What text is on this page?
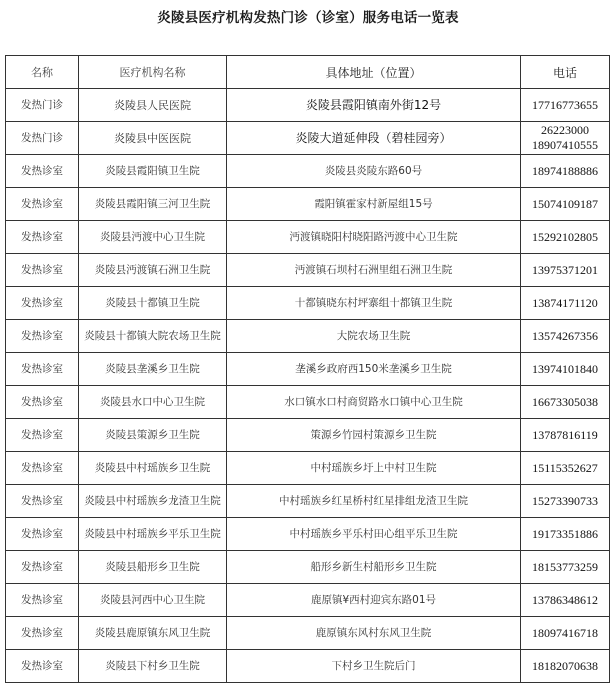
炎陵县医疗机构发热门诊（诊室）服务电话一览表
名称	医疗机构名称	具体地址（位置）	电话
发热门诊	炎陵县人民医院	炎陵县霞阳镇南外街12号	17716773655

发热门诊	炎陵县中医医院	炎陵大道延伸段（碧桂园旁）	26223000
18907410555

发热诊室	炎陵县霞阳镇卫生院	炎陵县炎陵东路60号	18974188886

发热诊室	炎陵县霞阳镇三河卫生院	霞阳镇霍家村新屋组15号	15074109187

发热诊室	炎陵县沔渡中心卫生院	沔渡镇晓阳村晓阳路沔渡中心卫生院	15292102805

发热诊室	炎陵县沔渡镇石洲卫生院	沔渡镇石坝村石洲里组石洲卫生院	13975371201

发热诊室	炎陵县十都镇卫生院	十都镇晓东村坪寨组十都镇卫生院	13874171120

发热诊室	炎陵县十都镇大院农场卫生院	大院农场卫生院	13574267356

发热诊室	炎陵县垄溪乡卫生院	垄溪乡政府西150米垄溪乡卫生院	13974101840

发热诊室	炎陵县水口中心卫生院	水口镇水口村商贸路水口镇中心卫生院	16673305038

发热诊室	炎陵县策源乡卫生院	策源乡竹园村策源乡卫生院	13787816119

发热诊室	炎陵县中村瑶族乡卫生院	中村瑶族乡圩上中村卫生院	15115352627

发热诊室	炎陵县中村瑶族乡龙渣卫生院	中村瑶族乡红星桥村红星排组龙渣卫生院	15273390733

发热诊室	炎陵县中村瑶族乡平乐卫生院	中村瑶族乡平乐村田心组平乐卫生院	19173351886

发热诊室	炎陵县船形乡卫生院	船形乡新生村船形乡卫生院	18153773259

发热诊室	炎陵县河西中心卫生院	鹿原镇¥西村迎宾东路01号	13786348612

发热诊室	炎陵县鹿原镇东风卫生院	鹿原镇东风村东风卫生院	18097416718

发热诊室	炎陵县下村乡卫生院	下村乡卫生院后门	18182070638
